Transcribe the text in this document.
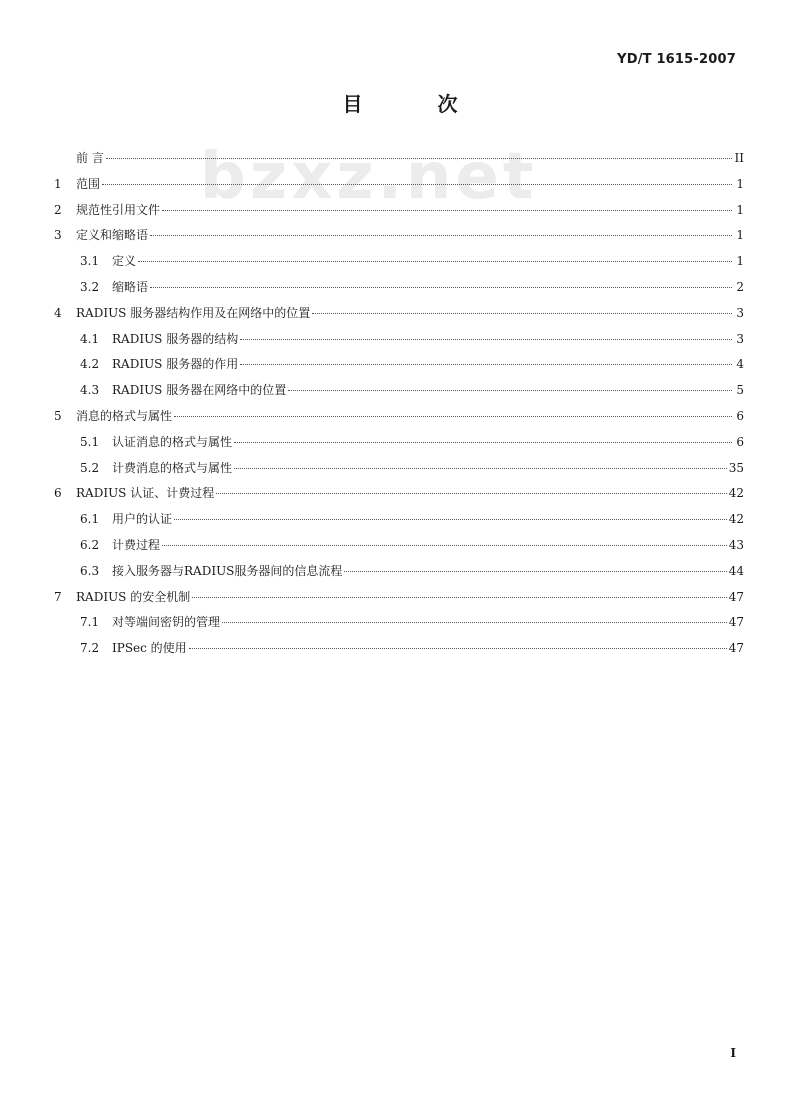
YD/T 1615-2007
目 次
bzxz.net
前 言	II
1	范围	1
2	规范性引用文件	1
3	定义和缩略语	1
3.1	定义	1
3.2	缩略语	2
4	RADIUS 服务器结构作用及在网络中的位置	3
4.1	RADIUS 服务器的结构	3
4.2	RADIUS 服务器的作用	4
4.3	RADIUS 服务器在网络中的位置	5
5	消息的格式与属性	6
5.1	认证消息的格式与属性	6
5.2	计费消息的格式与属性	35
6	RADIUS 认证、计费过程	42
6.1	用户的认证	42
6.2	计费过程	43
6.3	接入服务器与RADIUS服务器间的信息流程	44
7	RADIUS 的安全机制	47
7.1	对等端间密钥的管理	47
7.2	IPSec 的使用	47
I
